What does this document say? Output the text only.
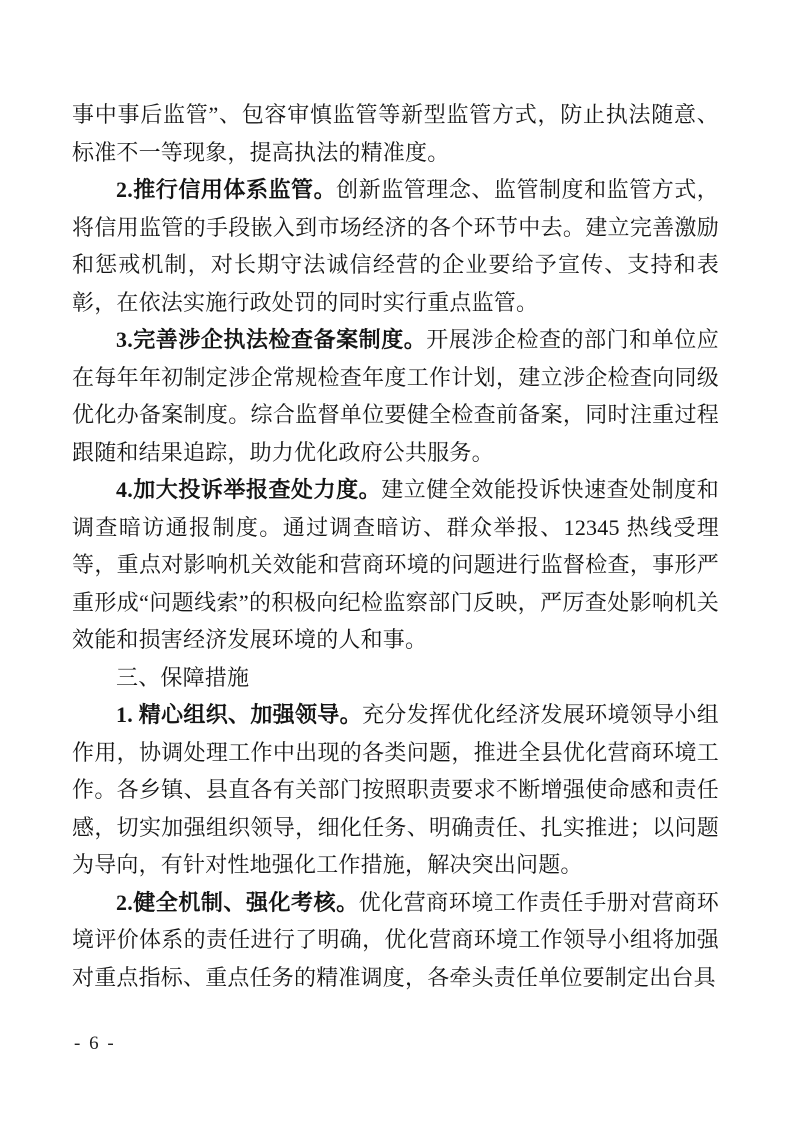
事中事后监管”、包容审慎监管等新型监管方式，防止执法随意、标准不一等现象，提高执法的精准度。

2.推行信用体系监管。创新监管理念、监管制度和监管方式，将信用监管的手段嵌入到市场经济的各个环节中去。建立完善激励和惩戒机制，对长期守法诚信经营的企业要给予宣传、支持和表彰，在依法实施行政处罚的同时实行重点监管。

3.完善涉企执法检查备案制度。开展涉企检查的部门和单位应在每年年初制定涉企常规检查年度工作计划，建立涉企检查向同级优化办备案制度。综合监督单位要健全检查前备案，同时注重过程跟随和结果追踪，助力优化政府公共服务。

4.加大投诉举报查处力度。建立健全效能投诉快速查处制度和调查暗访通报制度。通过调查暗访、群众举报、12345 热线受理等，重点对影响机关效能和营商环境的问题进行监督检查，事形严重形成“问题线索”的积极向纪检监察部门反映，严厉查处影响机关效能和损害经济发展环境的人和事。

三、保障措施

1. 精心组织、加强领导。充分发挥优化经济发展环境领导小组作用，协调处理工作中出现的各类问题，推进全县优化营商环境工作。各乡镇、县直各有关部门按照职责要求不断增强使命感和责任感，切实加强组织领导，细化任务、明确责任、扎实推进；以问题为导向，有针对性地强化工作措施，解决突出问题。

2.健全机制、强化考核。优化营商环境工作责任手册对营商环境评价体系的责任进行了明确，优化营商环境工作领导小组将加强对重点指标、重点任务的精准调度，各牵头责任单位要制定出台具

- 6 -
